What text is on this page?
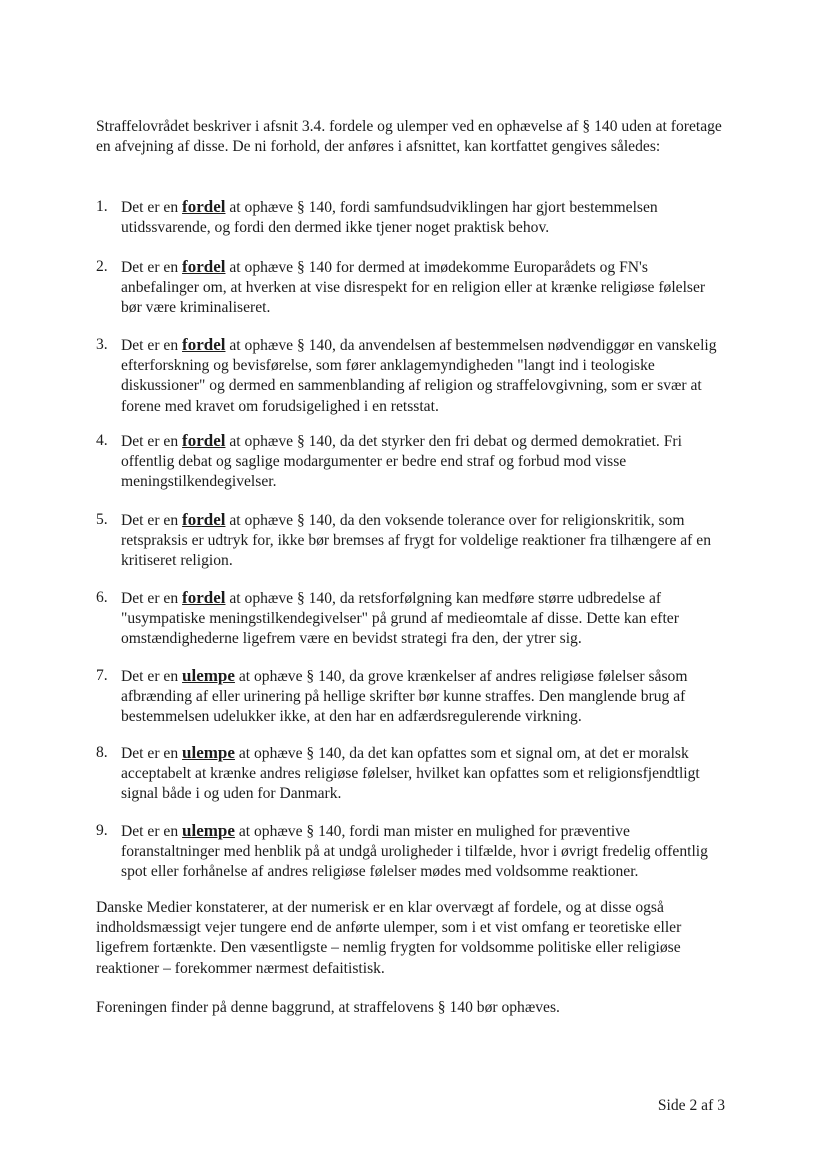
Straffelovrådet beskriver i afsnit 3.4. fordele og ulemper ved en ophævelse af § 140 uden at foretage en afvejning af disse. De ni forhold, der anføres i afsnittet, kan kortfattet gengives således:

1. Det er en fordel at ophæve § 140, fordi samfundsudviklingen har gjort bestemmelsen utidssvarende, og fordi den dermed ikke tjener noget praktisk behov.

2. Det er en fordel at ophæve § 140 for dermed at imødekomme Europarådets og FN's anbefalinger om, at hverken at vise disrespekt for en religion eller at krænke religiøse følelser bør være kriminaliseret.

3. Det er en fordel at ophæve § 140, da anvendelsen af bestemmelsen nødvendiggør en vanskelig efterforskning og bevisførelse, som fører anklagemyndigheden "langt ind i teologiske diskussioner" og dermed en sammenblanding af religion og straffelovgivning, som er svær at forene med kravet om forudsigelighed i en retsstat.

4. Det er en fordel at ophæve § 140, da det styrker den fri debat og dermed demokratiet. Fri offentlig debat og saglige modargumenter er bedre end straf og forbud mod visse meningstilkendegivelser.

5. Det er en fordel at ophæve § 140, da den voksende tolerance over for religionskritik, som retspraksis er udtryk for, ikke bør bremses af frygt for voldelige reaktioner fra tilhængere af en kritiseret religion.

6. Det er en fordel at ophæve § 140, da retsforfølgning kan medføre større udbredelse af "usympatiske meningstilkendegivelser" på grund af medieomtale af disse. Dette kan efter omstændighederne ligefrem være en bevidst strategi fra den, der ytrer sig.

7. Det er en ulempe at ophæve § 140, da grove krænkelser af andres religiøse følelser såsom afbrænding af eller urinering på hellige skrifter bør kunne straffes. Den manglende brug af bestemmelsen udelukker ikke, at den har en adfærdsregulerende virkning.

8. Det er en ulempe at ophæve § 140, da det kan opfattes som et signal om, at det er moralsk acceptabelt at krænke andres religiøse følelser, hvilket kan opfattes som et religionsfjendtligt signal både i og uden for Danmark.

9. Det er en ulempe at ophæve § 140, fordi man mister en mulighed for præventive foranstaltninger med henblik på at undgå uroligheder i tilfælde, hvor i øvrigt fredelig offentlig spot eller forhånelse af andres religiøse følelser mødes med voldsomme reaktioner.

Danske Medier konstaterer, at der numerisk er en klar overvægt af fordele, og at disse også indholdsmæssigt vejer tungere end de anførte ulemper, som i et vist omfang er teoretiske eller ligefrem fortænkte. Den væsentligste – nemlig frygten for voldsomme politiske eller religiøse reaktioner – forekommer nærmest defaitistisk.

Foreningen finder på denne baggrund, at straffelovens § 140 bør ophæves.

Side 2 af 3
